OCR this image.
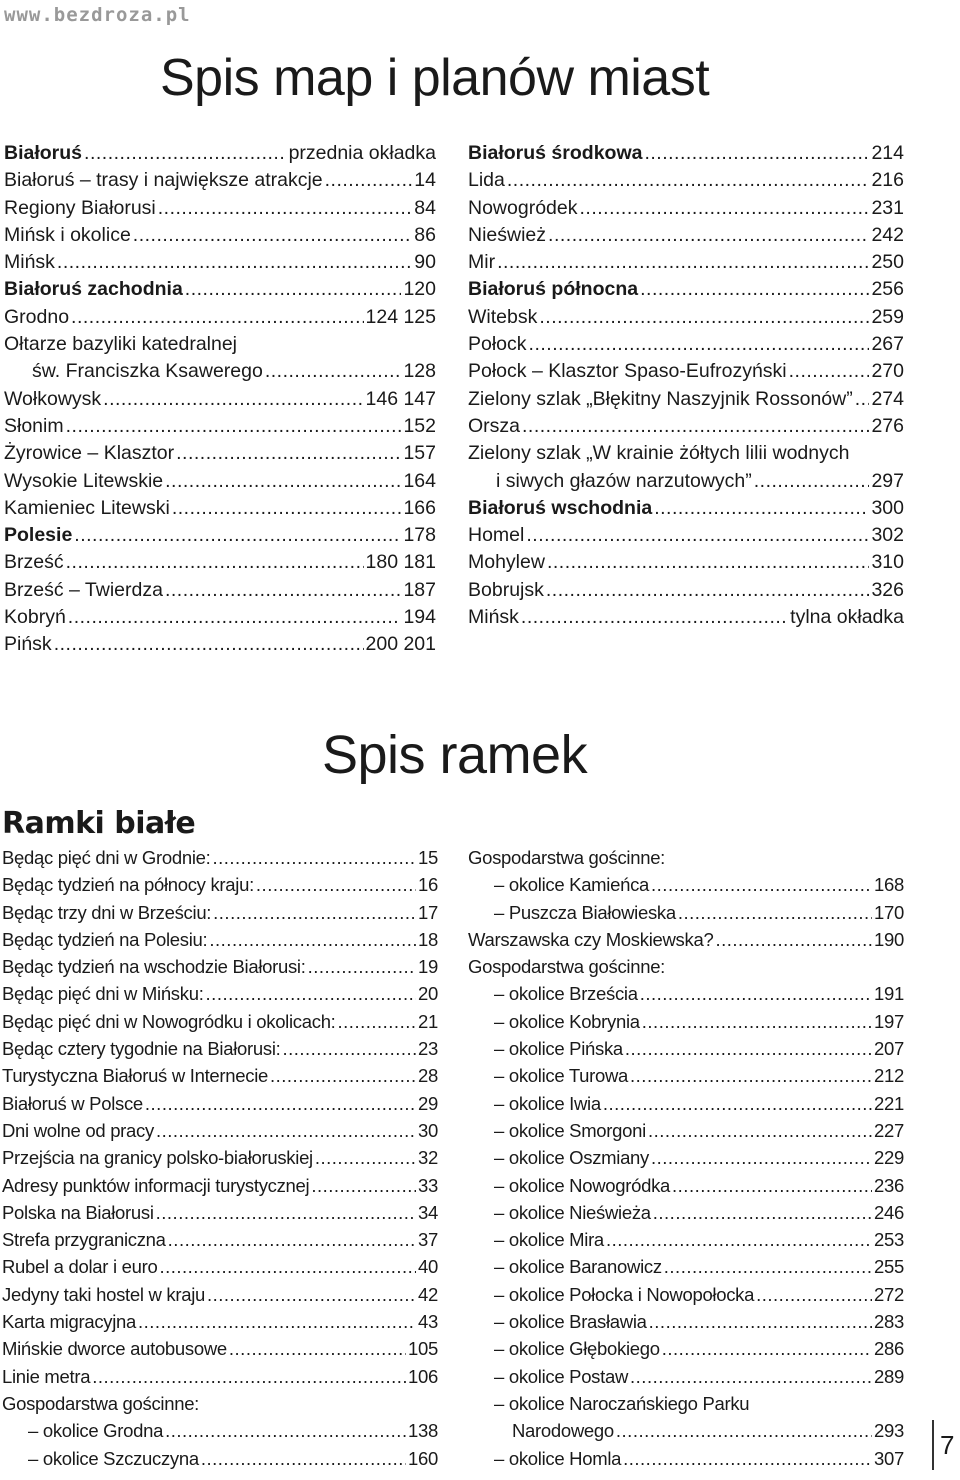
www.bezdroza.pl
Spis map i planów miast
Białoruś .....	przednia okładka
Białoruś – trasy i największe atrakcje .....	14
Regiony Białorusi .....	84
Mińsk i okolice .....	86
Mińsk .....	90
Białoruś zachodnia .....	120
Grodno .....	124 125
Ołtarze bazyliki katedralnej
św. Franciszka Ksawerego .....	128
Wołkowysk .....	146 147
Słonim .....	152
Żyrowice – Klasztor .....	157
Wysokie Litewskie .....	164
Kamieniec Litewski .....	166
Polesie .....	178
Brześć .....	180 181
Brześć – Twierdza .....	187
Kobryń .....	194
Pińsk .....	200 201
Białoruś środkowa .....	214
Lida .....	216
Nowogródek .....	231
Nieśwież .....	242
Mir .....	250
Białoruś północna .....	256
Witebsk .....	259
Połock .....	267
Połock – Klasztor Spaso-Eufrozyński .....	270
Zielony szlak „Błękitny Naszyjnik Rossonów” ..... 274
Orsza .....	276
Zielony szlak „W krainie żółtych lilii wodnych
i siwych głazów narzutowych” .....	297
Białoruś wschodnia .....	300
Homel .....	302
Mohylew .....	310
Bobrujsk .....	326
Mińsk .....	tylna okładka
Spis ramek
Ramki białe
Będąc pięć dni w Grodnie: .....	15
Będąc tydzień na północy kraju: .....	16
Będąc trzy dni w Brześciu: .....	17
Będąc tydzień na Polesiu: .....	18
Będąc tydzień na wschodzie Białorusi: .....	19
Będąc pięć dni w Mińsku: .....	20
Będąc pięć dni w Nowogródku i okolicach: .....	21
Będąc cztery tygodnie na Białorusi: .....	23
Turystyczna Białoruś w Internecie .....	28
Białoruś w Polsce .....	29
Dni wolne od pracy .....	30
Przejścia na granicy polsko-białoruskiej .....	32
Adresy punktów informacji turystycznej .....	33
Polska na Białorusi .....	34
Strefa przygraniczna .....	37
Rubel a dolar i euro .....	40
Jedyny taki hostel w kraju .....	42
Karta migracyjna .....	43
Mińskie dworce autobusowe .....	105
Linie metra .....	106
Gospodarstwa gościnne:
– okolice Grodna .....	138
– okolice Szczuczyna .....	160
Gospodarstwa gościnne:
– okolice Kamieńca .....	168
– Puszcza Białowieska .....	170
Warszawska czy Moskiewska? .....	190
Gospodarstwa gościnne:
– okolice Brześcia .....	191
– okolice Kobrynia .....	197
– okolice Pińska .....	207
– okolice Turowa .....	212
– okolice Iwia .....	221
– okolice Smorgoni .....	227
– okolice Oszmiany .....	229
– okolice Nowogródka .....	236
– okolice Nieświeża .....	246
– okolice Mira .....	253
– okolice Baranowicz .....	255
– okolice Połocka i Nowopołocka .....	272
– okolice Brasławia .....	283
– okolice Głębokiego .....	286
– okolice Postaw .....	289
– okolice Naroczańskiego Parku
Narodowego .....	293
– okolice Homla .....	307 7
